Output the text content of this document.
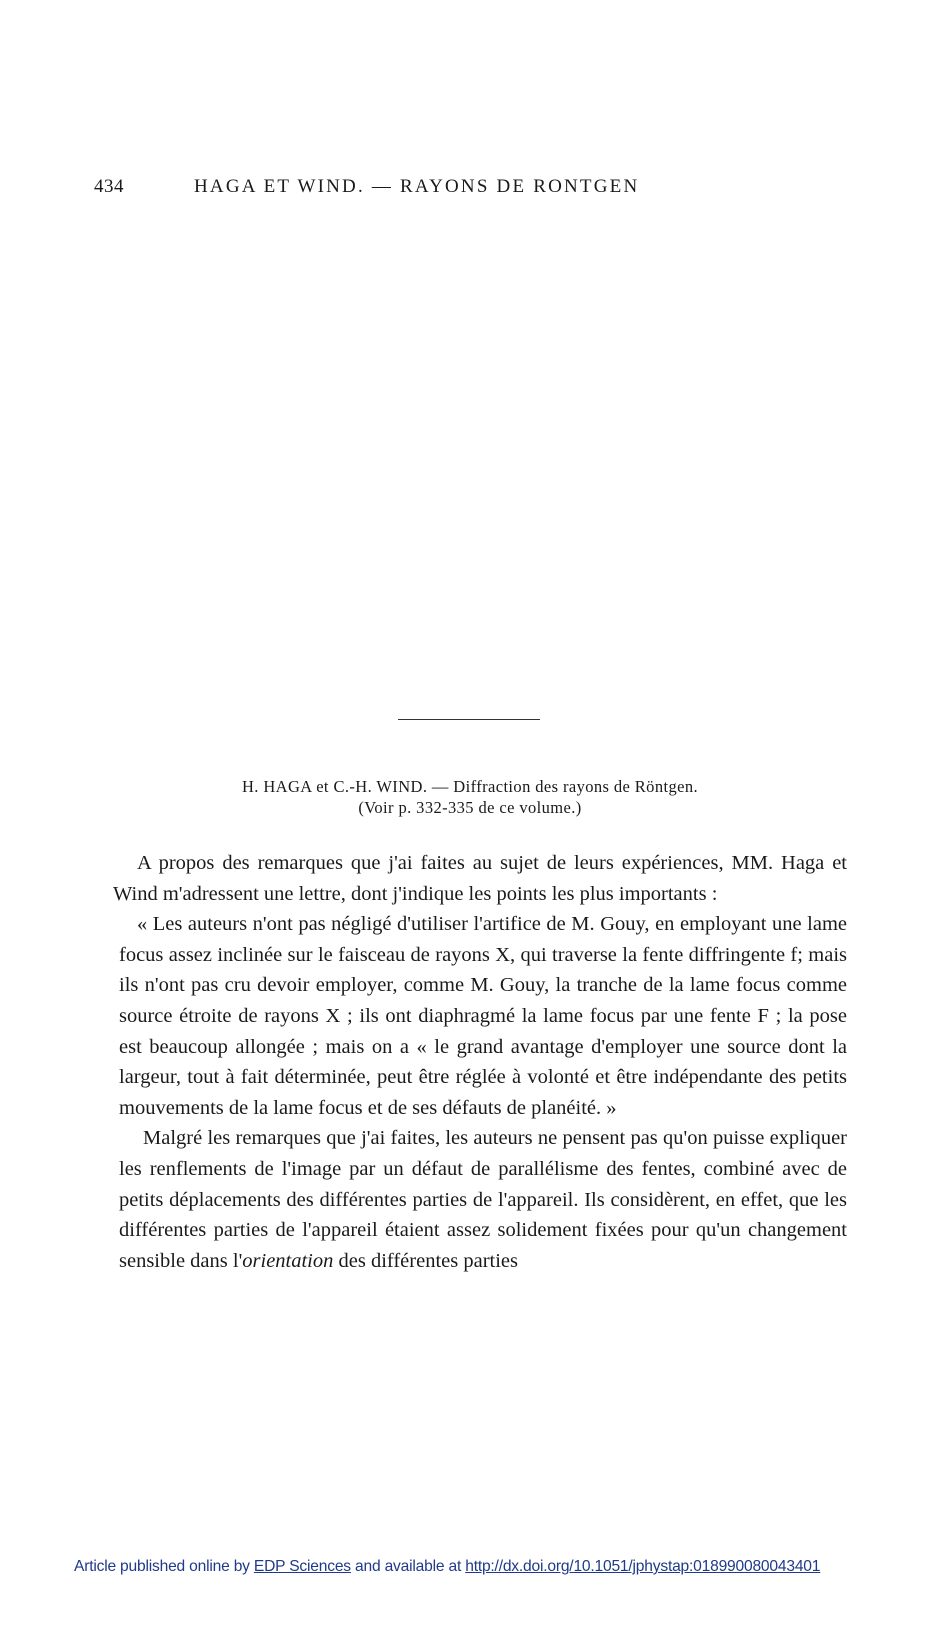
434	HAGA ET WIND. — RAYONS DE RONTGEN
H. HAGA et C.-H. WIND. — Diffraction des rayons de Röntgen.
(Voir p. 332-335 de ce volume.)

A propos des remarques que j'ai faites au sujet de leurs expériences, MM. Haga et Wind m'adressent une lettre, dont j'indique les points les plus importants :

« Les auteurs n'ont pas négligé d'utiliser l'artifice de M. Gouy, en employant une lame focus assez inclinée sur le faisceau de rayons X, qui traverse la fente diffringente f; mais ils n'ont pas cru devoir employer, comme M. Gouy, la tranche de la lame focus comme source étroite de rayons X ; ils ont diaphragmé la lame focus par une fente F ; la pose est beaucoup allongée ; mais on a « le grand avantage d'employer une source dont la largeur, tout à fait déterminée, peut être réglée à volonté et être indépendante des petits mouvements de la lame focus et de ses défauts de planéité. »

Malgré les remarques que j'ai faites, les auteurs ne pensent pas qu'on puisse expliquer les renflements de l'image par un défaut de parallélisme des fentes, combiné avec de petits déplacements des différentes parties de l'appareil. Ils considèrent, en effet, que les différentes parties de l'appareil étaient assez solidement fixées pour qu'un changement sensible dans l'orientation des différentes parties

Article published online by EDP Sciences and available at http://dx.doi.org/10.1051/jphystap:018990080043401
